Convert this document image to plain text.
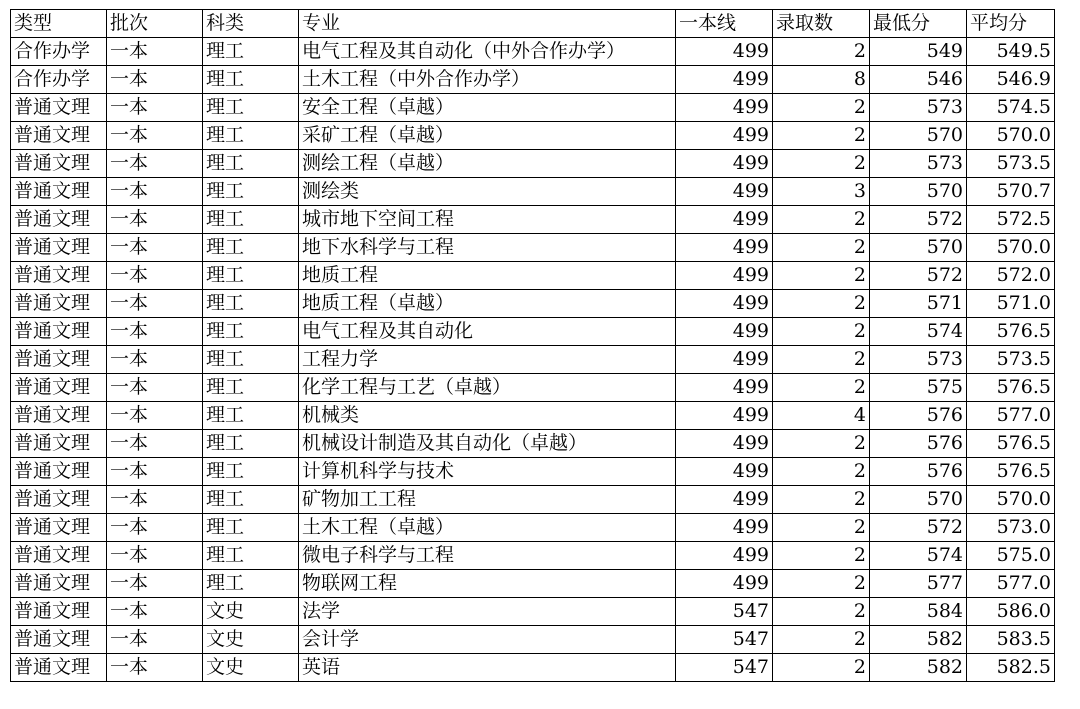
类型	批次	科类	专业	一本线	录取数	最低分	平均分
合作办学	一本	理工	电气工程及其自动化（中外合作办学）	499	2	549	549.5
合作办学	一本	理工	土木工程（中外合作办学）	499	8	546	546.9
普通文理	一本	理工	安全工程（卓越）	499	2	573	574.5
普通文理	一本	理工	采矿工程（卓越）	499	2	570	570.0
普通文理	一本	理工	测绘工程（卓越）	499	2	573	573.5
普通文理	一本	理工	测绘类	499	3	570	570.7
普通文理	一本	理工	城市地下空间工程	499	2	572	572.5
普通文理	一本	理工	地下水科学与工程	499	2	570	570.0
普通文理	一本	理工	地质工程	499	2	572	572.0
普通文理	一本	理工	地质工程（卓越）	499	2	571	571.0
普通文理	一本	理工	电气工程及其自动化	499	2	574	576.5
普通文理	一本	理工	工程力学	499	2	573	573.5
普通文理	一本	理工	化学工程与工艺（卓越）	499	2	575	576.5
普通文理	一本	理工	机械类	499	4	576	577.0
普通文理	一本	理工	机械设计制造及其自动化（卓越）	499	2	576	576.5
普通文理	一本	理工	计算机科学与技术	499	2	576	576.5
普通文理	一本	理工	矿物加工工程	499	2	570	570.0
普通文理	一本	理工	土木工程（卓越）	499	2	572	573.0
普通文理	一本	理工	微电子科学与工程	499	2	574	575.0
普通文理	一本	理工	物联网工程	499	2	577	577.0
普通文理	一本	文史	法学	547	2	584	586.0
普通文理	一本	文史	会计学	547	2	582	583.5
普通文理	一本	文史	英语	547	2	582	582.5
